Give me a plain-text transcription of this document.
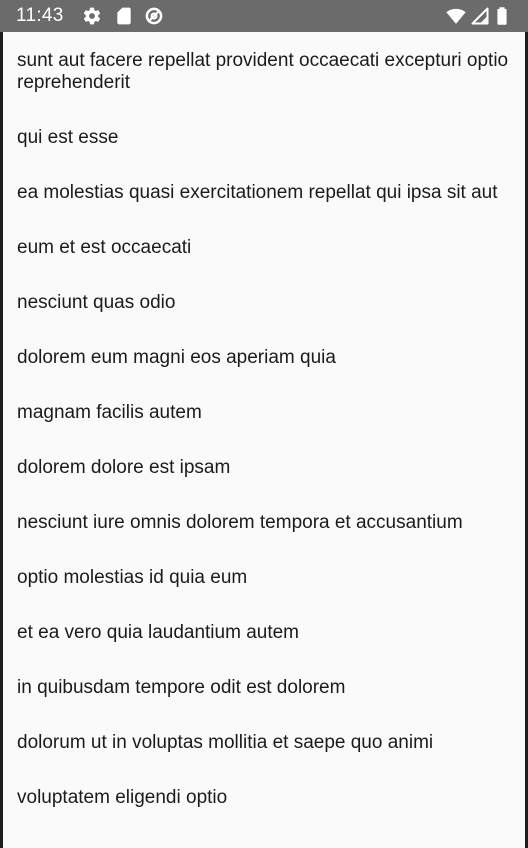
11:43
sunt aut facere repellat provident occaecati excepturi optio reprehenderit
qui est esse
ea molestias quasi exercitationem repellat qui ipsa sit aut
eum et est occaecati
nesciunt quas odio
dolorem eum magni eos aperiam quia
magnam facilis autem
dolorem dolore est ipsam
nesciunt iure omnis dolorem tempora et accusantium
optio molestias id quia eum
et ea vero quia laudantium autem
in quibusdam tempore odit est dolorem
dolorum ut in voluptas mollitia et saepe quo animi
voluptatem eligendi optio
